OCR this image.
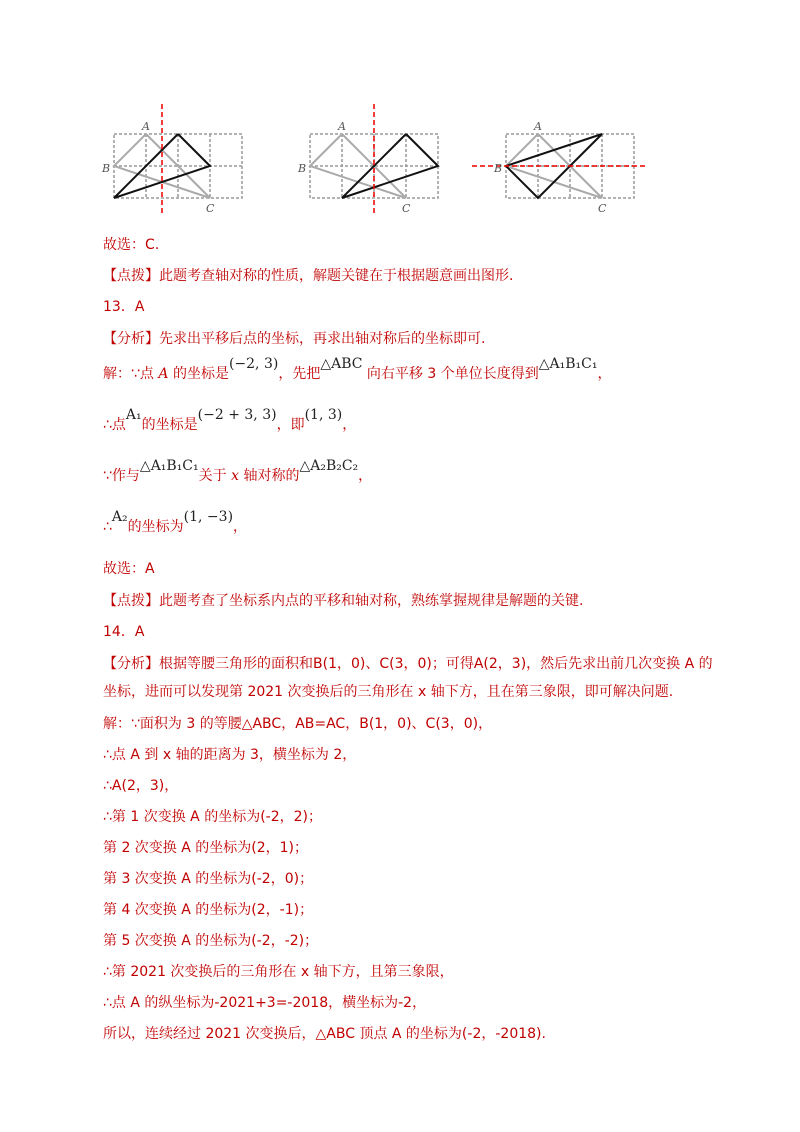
A
B
C
A
B
C
A
B
C
故选：C.
【点拨】此题考查轴对称的性质，解题关键在于根据题意画出图形.
13．A
【分析】先求出平移后点的坐标，再求出轴对称后的坐标即可.
解：∵点 A 的坐标是(−2, 3)，先把△ABC 向右平移 3 个单位长度得到△A₁B₁C₁，
∴点A₁的坐标是(−2 + 3, 3)，即(1, 3)，
∵作与△A₁B₁C₁关于 x 轴对称的△A₂B₂C₂，
∴A₂的坐标为(1, −3)，
故选：A
【点拨】此题考查了坐标系内点的平移和轴对称，熟练掌握规律是解题的关键.
14．A
【分析】根据等腰三角形的面积和B(1，0)、C(3，0)；可得A(2，3)，然后先求出前几次变换 A 的坐标，进而可以发现第 2021 次变换后的三角形在 x 轴下方，且在第三象限，即可解决问题.
解：∵面积为 3 的等腰△ABC，AB=AC，B(1，0)、C(3，0)，
∴点 A 到 x 轴的距离为 3，横坐标为 2，
∴A(2，3)，
∴第 1 次变换 A 的坐标为(-2，2)；
第 2 次变换 A 的坐标为(2，1)；
第 3 次变换 A 的坐标为(-2，0)；
第 4 次变换 A 的坐标为(2，-1)；
第 5 次变换 A 的坐标为(-2，-2)；
∴第 2021 次变换后的三角形在 x 轴下方，且第三象限，
∴点 A 的纵坐标为-2021+3=-2018，横坐标为-2，
所以，连续经过 2021 次变换后，△ABC 顶点 A 的坐标为(-2，-2018).
